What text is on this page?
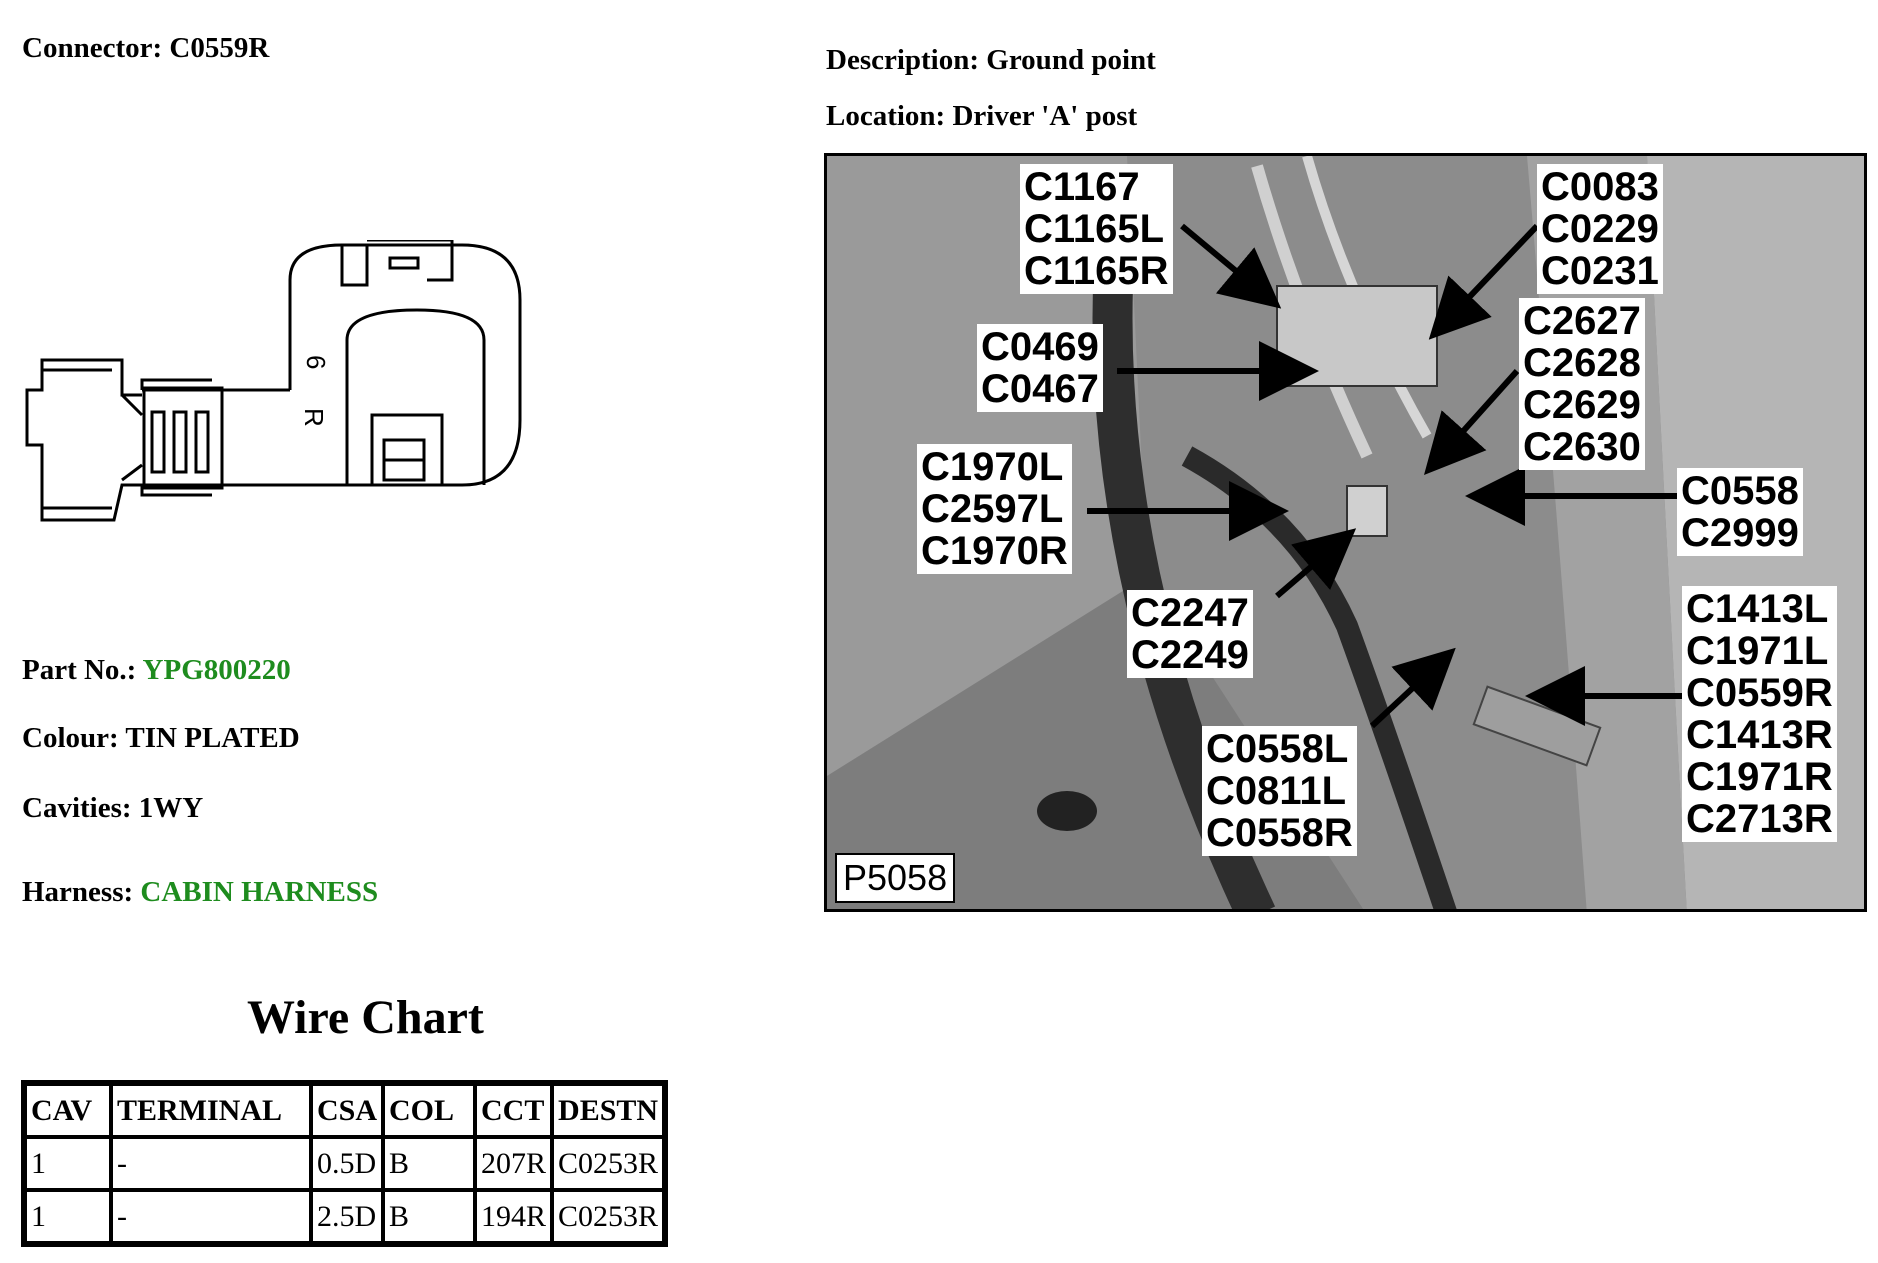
Connector: C0559R
6
R
Part No.: YPG800220
Colour: TIN PLATED
Cavities: 1WY
Harness: CABIN HARNESS
Wire Chart
CAV	TERMINAL	CSA	COL	CCT	DESTN
1	-	0.5D	B	207R	C0253R
1	-	2.5D	B	194R	C0253R
Description: Ground point
Location: Driver 'A' post
C1167
C1165L
C1165R
C0083
C0229
C0231
C0469
C0467
C2627
C2628
C2629
C2630
C1970L
C2597L
C1970R
C0558
C2999
C2247
C2249
C1413L
C1971L
C0559R
C1413R
C1971R
C2713R
C0558L
C0811L
C0558R
P5058
